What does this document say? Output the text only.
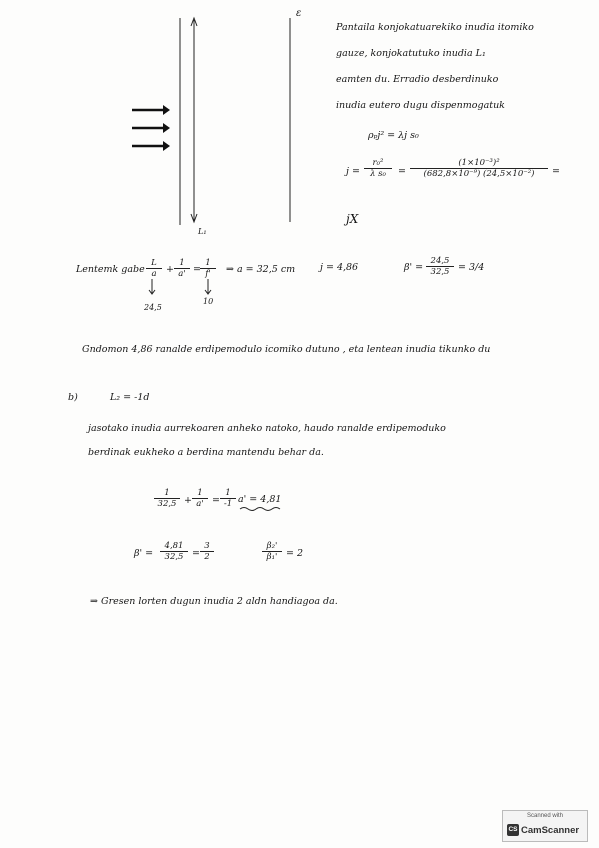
ε
L₁
Pantaila konjokatuarekiko inudia itomiko
gauze, konjokatutuko inudia L₁
eamten du. Erradio desberdinuko
inudia eutero dugu dispenmogatuk
ρₚj² = λj s₀
$j = \frac{\text{r₀²}}{\text{λ s₀}} = \frac{\text{(1×10⁻³)²}}{\text{(682,8×10⁻⁹) (24,5×10⁻²)}}$ =
jX
Lentemk gabe $\frac{L}{a} + \frac{1}{a'} = \frac{1}{f'}$ ⇒ a = 32,5 cm
24,5
10
j = 4,86	$\beta' = \frac{24,5}{32,5} = 3/4$
Gndomon 4,86 ranalde erdipemodulo icomiko dutuno , eta lentean inudia tikunko du
b)	L₂ = -1d
jasotako inudia aurrekoaren anheko natoko, haudo ranalde erdipemoduko
berdinak eukheko a berdina mantendu behar da.
$\frac{1}{32,5} + \frac{1}{a'} = \frac{1}{-1} a' = 4,81$
$\beta' = \frac{4,81}{32,5} = \frac{3}{2}$	$\frac{\text{β₂'}}{\text{β₁'}} = 2$
⇒ Gresen lorten dugun inudia 2 aldn handiagoa da.
Scanned with
CS CamScanner
